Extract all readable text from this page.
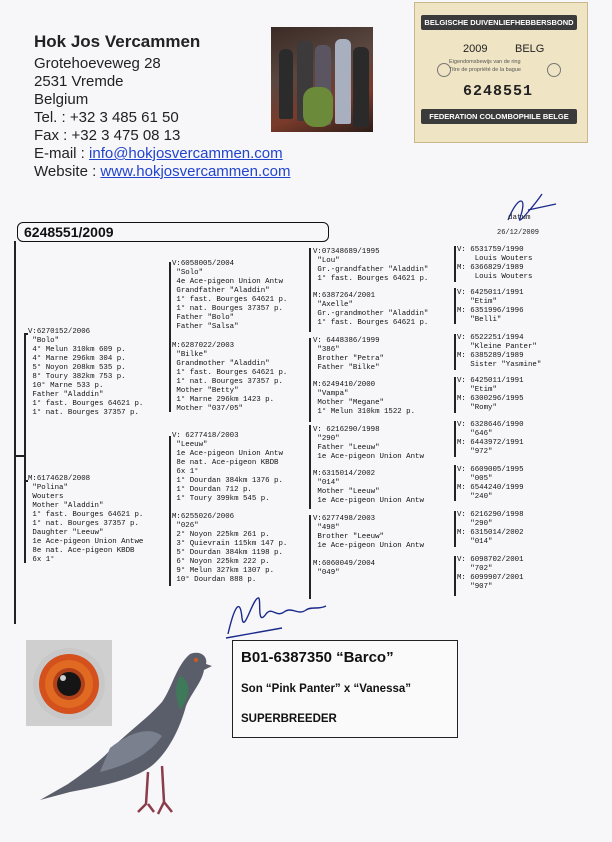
Hok Jos Vercammen
Grotehoeveweg 28
2531 Vremde
Belgium
Tel. : +32 3 485 61 50
Fax : +32 3 475 08 13
E-mail : info@hokjosvercammen.com
Website : www.hokjosvercammen.com
BELGISCHE DUIVENLIEFHEBBERSBOND
2009	BELG
Eigendomsbewijs van de ring
Titre de propriété de la bague
6248551
FEDERATION COLOMBOPHILE BELGE
datum
26/12/2009
6248551/2009
V:6270152/2006
"Bolo"
4° Melun 310km 609 p.
4° Marne 296km 304 p.
5° Noyon 208km 535 p.
8° Toury 382km 753 p.
10° Marne 533 p.
Father "Aladdin"
1° fast. Bourges 64621 p.
1° nat. Bourges 37357 p.
M:6174628/2008
"Polina"
Wouters
Mother "Aladdin"
1° fast. Bourges 64621 p.
1° nat. Bourges 37357 p.
Daughter "Leeuw"
1e Ace-pigeon Union Antwe
8e nat. Ace-pigeon KBDB
6x 1°
V:6058005/2004
"Solo"
4e Ace-pigeon Union Antw
Grandfather "Aladdin"
1° fast. Bourges 64621 p.
1° nat. Bourges 37357 p.
Father "Bolo"
Father "Salsa"
M:6287022/2003
"Bilke"
Grandmother "Aladdin"
1° fast. Bourges 64621 p.
1° nat. Bourges 37357 p.
Mother "Betty"
1° Marne 296km 1423 p.
Mother "037/05"
V: 6277418/2003
"Leeuw"
1e Ace-pigeon Union Antw
8e nat. Ace-pigeon KBDB
6x 1°
1° Dourdan 384km 1376 p.
1° Dourdan 712 p.
1° Toury 399km 545 p.
M:6255026/2006
"026"
2° Noyon 225km 261 p.
3° Quievrain 115km 147 p.
5° Dourdan 384km 1198 p.
6° Noyon 225km 222 p.
9° Melun 327km 1307 p.
10° Dourdan 888 p.
V:07348689/1995
"Lou"
Gr.-grandfather "Aladdin"
1° fast. Bourges 64621 p.
M:6387264/2001
"Axelle"
Gr.-grandmother "Aladdin"
1° fast. Bourges 64621 p.
V: 6448386/1999
"386"
Brother "Petra"
Father "Bilke"
M:6249410/2000
"Vampa"
Mother "Megane"
1° Melun 310km 1522 p.
V: 6216290/1998
"290"
Father "Leeuw"
1e Ace-pigeon Union Antw
M:6315014/2002
"014"
Mother "Leeuw"
1e Ace-pigeon Union Antw
V:6277498/2003
"498"
Brother "Leeuw"
1e Ace-pigeon Union Antw
M:6060049/2004
"049"
V: 6531759/1990
Louis Wouters
M: 6366829/1989
Louis Wouters
V: 6425011/1991
"Etim"
M: 6351996/1996
"Belli"
V: 6522251/1994
"Kleine Panter"
M: 6385289/1989
Sister "Yasmine"
V: 6425011/1991
"Etim"
M: 6300296/1995
"Romy"
V: 6328646/1990
"646"
M: 6443972/1991
"972"
V: 6609005/1995
"005"
M: 6544240/1999
"240"
V: 6216290/1998
"290"
M: 6315014/2002
"014"
V: 6098702/2001
"702"
M: 6099907/2001
"907"
B01-6387350 “Barco”
Son “Pink Panter” x “Vanessa”
SUPERBREEDER
